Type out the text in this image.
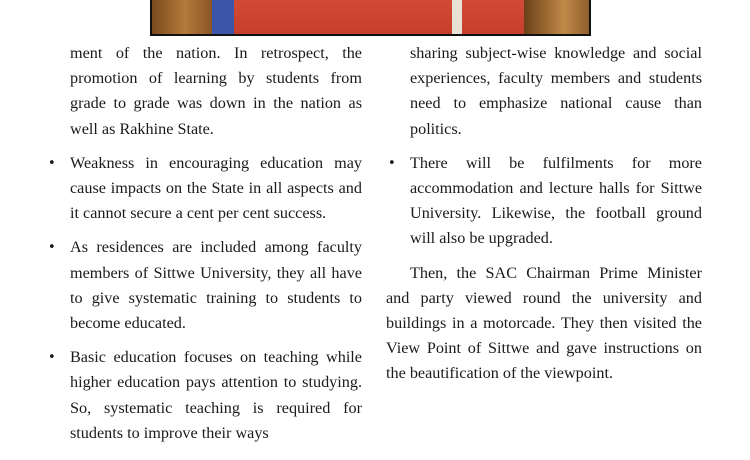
ment of the nation. In retrospect, the promotion of learning by students from grade to grade was down in the nation as well as Rakhine State.

• Weakness in encouraging education may cause impacts on the State in all aspects and it cannot secure a cent per cent success.
• As residences are included among faculty members of Sittwe University, they all have to give systematic training to students to become educated.
• Basic education focuses on teaching while higher education pays attention to studying. So, systematic teaching is required for students to improve their ways

sharing subject-wise knowledge and social experiences, faculty members and students need to emphasize national cause than politics.

• There will be fulfilments for more accommodation and lecture halls for Sittwe University. Likewise, the football ground will also be upgraded.

Then, the SAC Chairman Prime Minister and party viewed round the university and buildings in a motorcade. They then visited the View Point of Sittwe and gave instructions on the beautification of the viewpoint.
